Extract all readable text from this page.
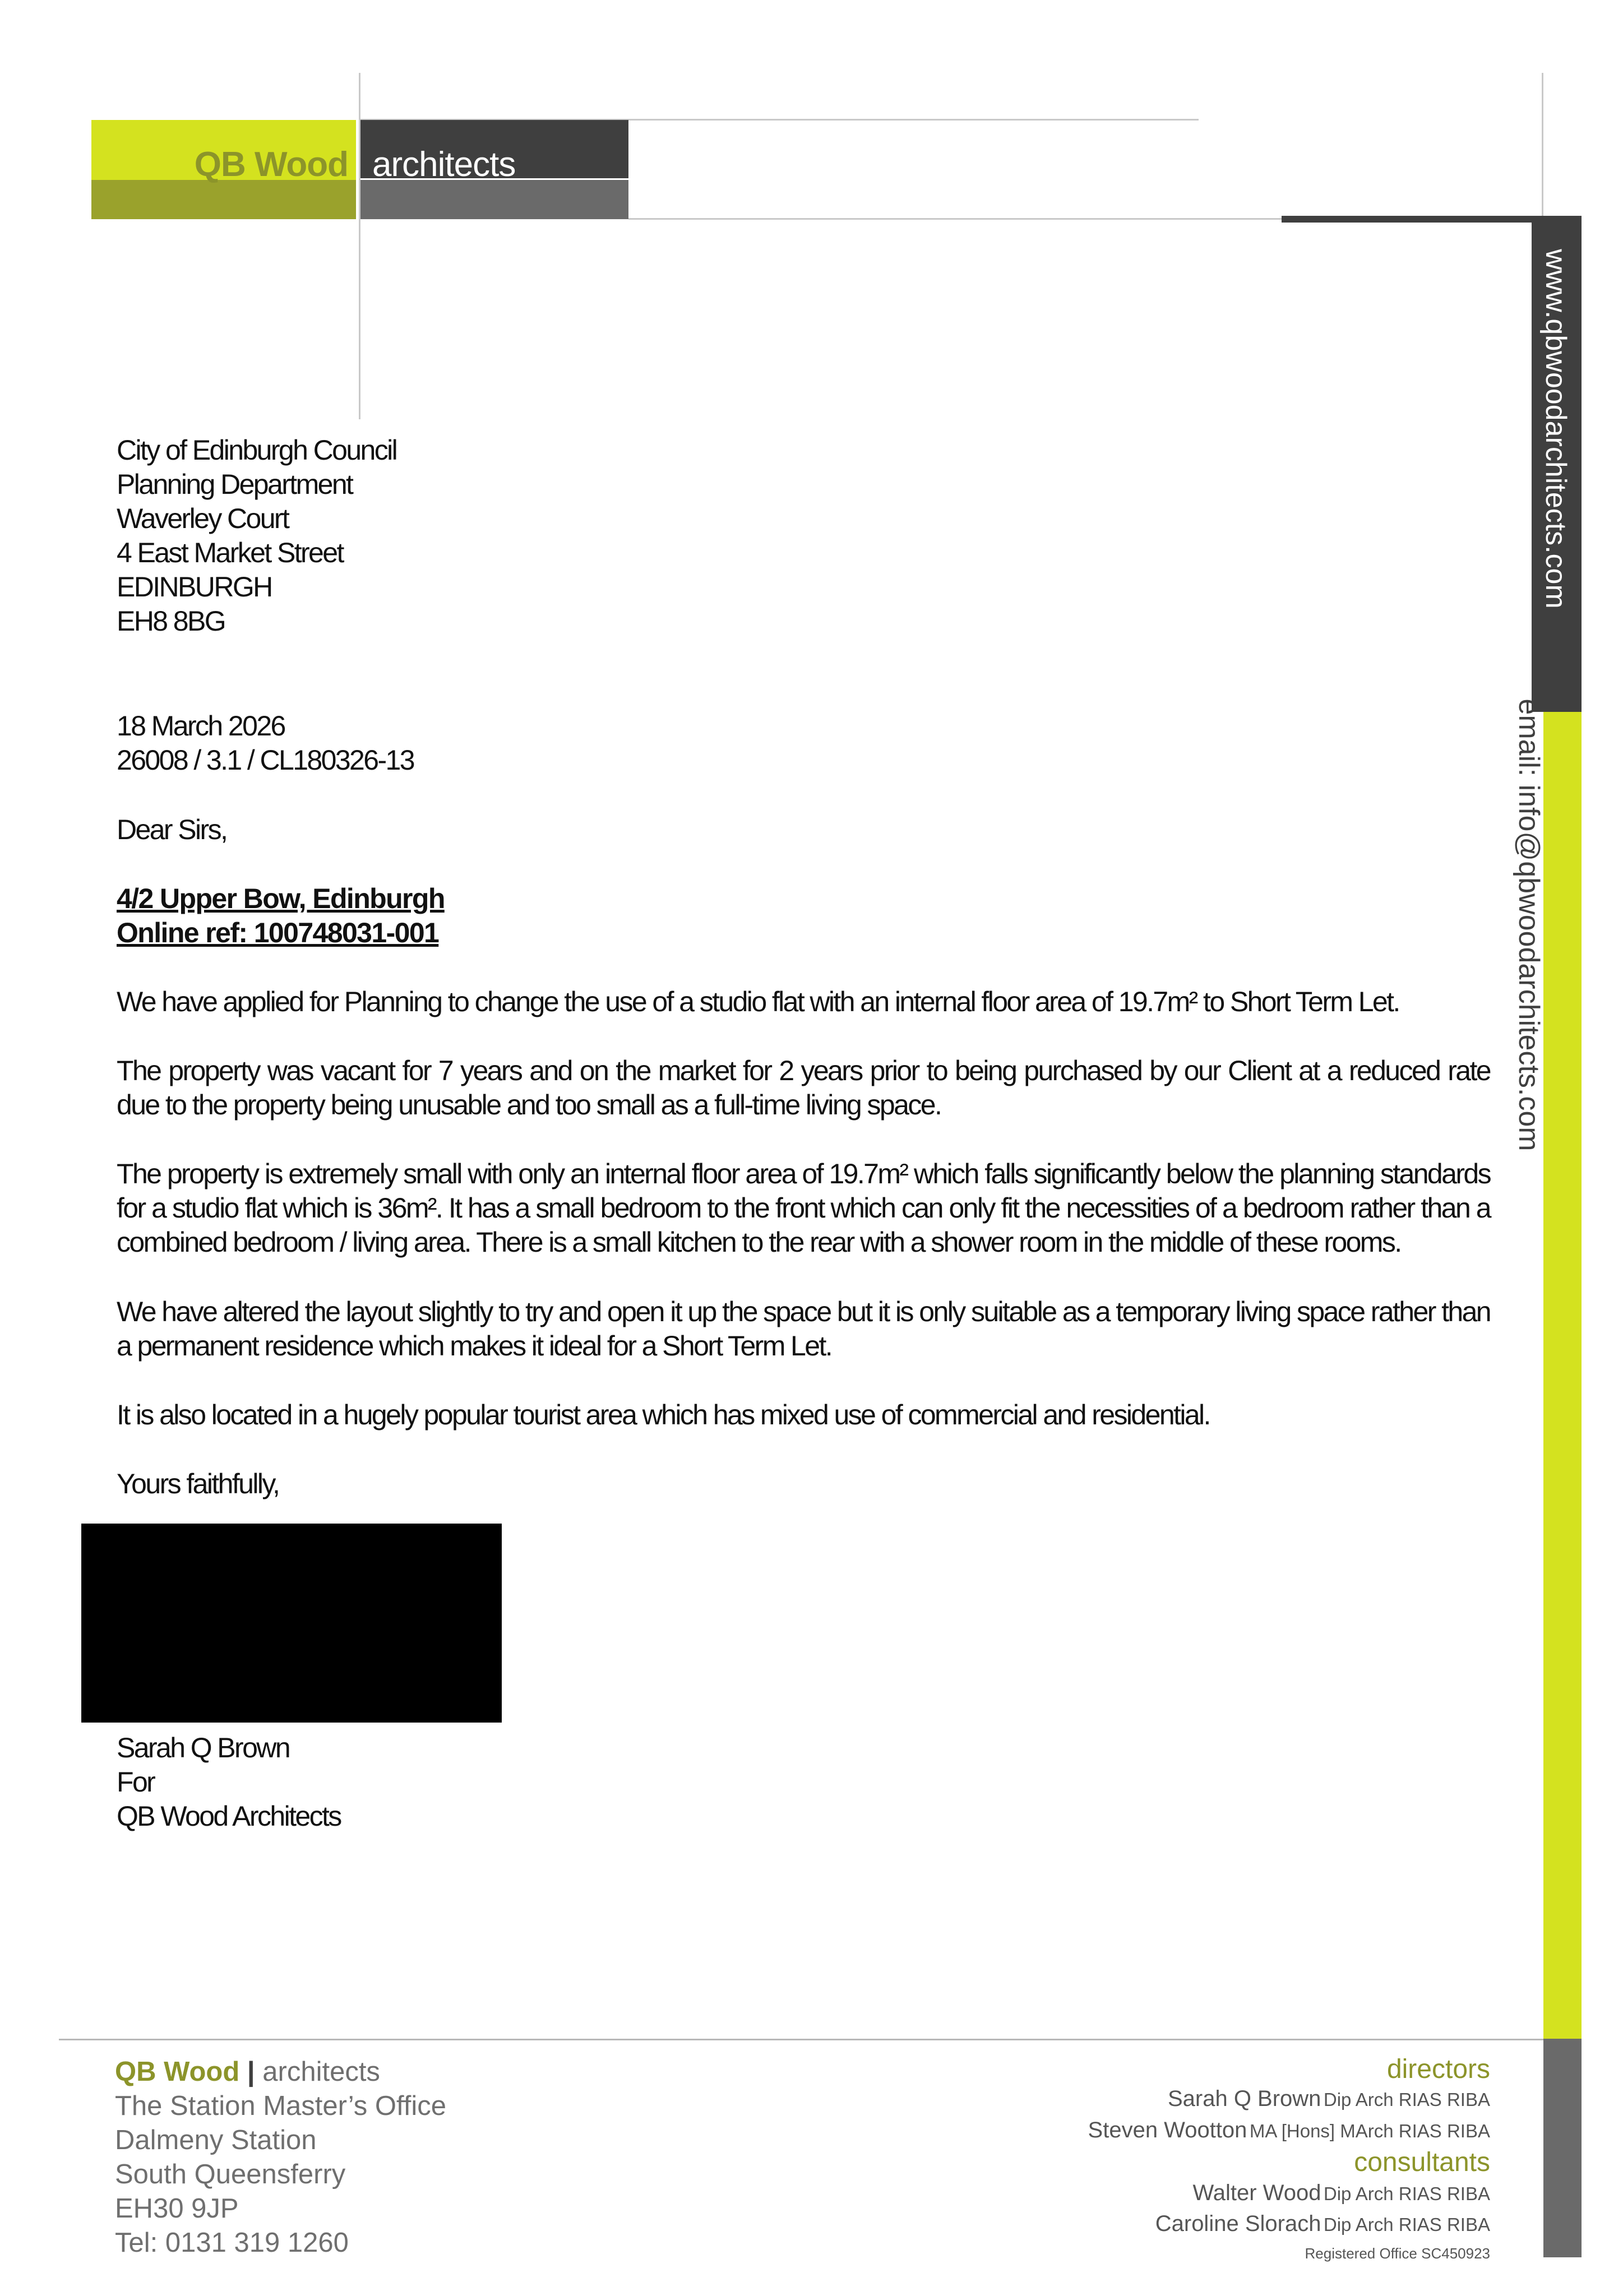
QB Wood architects
www.qbwoodarchitects.com
email: info@qbwoodarchitects.com
City of Edinburgh Council
Planning Department
Waverley Court
4 East Market Street
EDINBURGH
EH8 8BG
18 March 2026
26008 / 3.1 / CL180326-13
Dear Sirs,
4/2 Upper Bow, Edinburgh
Online ref: 100748031-001
We have applied for Planning to change the use of a studio flat with an internal floor area of 19.7m² to Short Term Let.
The property was vacant for 7 years and on the market for 2 years prior to being purchased by our Client at a reduced rate due to the property being unusable and too small as a full-time living space.
The property is extremely small with only an internal floor area of 19.7m² which falls significantly below the planning standards for a studio flat which is 36m². It has a small bedroom to the front which can only fit the necessities of a bedroom rather than a combined bedroom / living area. There is a small kitchen to the rear with a shower room in the middle of these rooms.
We have altered the layout slightly to try and open it up the space but it is only suitable as a temporary living space rather than a permanent residence which makes it ideal for a Short Term Let.
It is also located in a hugely popular tourist area which has mixed use of commercial and residential.
Yours faithfully,
Sarah Q Brown
For
QB Wood Architects
QB Wood | architects
The Station Master’s Office
Dalmeny Station
South Queensferry
EH30 9JP
Tel: 0131 319 1260
directors
Sarah Q Brown Dip Arch RIAS RIBA
Steven Wootton MA [Hons] MArch RIAS RIBA
consultants
Walter Wood Dip Arch RIAS RIBA
Caroline Slorach Dip Arch RIAS RIBA
Registered Office SC450923
